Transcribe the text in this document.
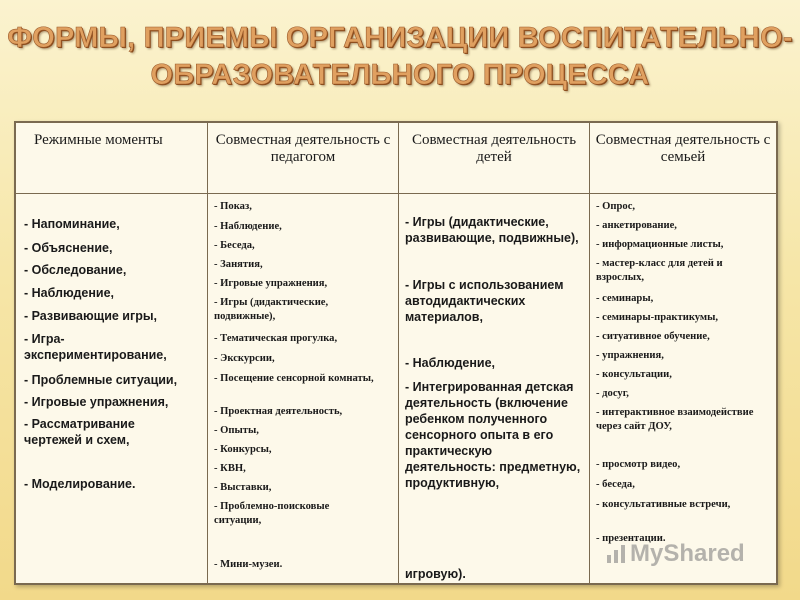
ФОРМЫ, ПРИЕМЫ ОРГАНИЗАЦИИ ВОСПИТАТЕЛЬНО-
ОБРАЗОВАТЕЛЬНОГО ПРОЦЕССА
Режимные моменты
- Напоминание,
- Объяснение,
- Обследование,
- Наблюдение,
- Развивающие игры,
- Игра-экспериментирование,
- Проблемные ситуации,
- Игровые упражнения,
- Рассматривание чертежей и схем,
- Моделирование.
Совместная деятельность с педагогом
- Показ,
- Наблюдение,
- Беседа,
- Занятия,
- Игровые упражнения,
- Игры (дидактические, подвижные),
- Тематическая прогулка,
- Экскурсии,
- Посещение сенсорной комнаты,
- Проектная деятельность,
- Опыты,
- Конкурсы,
- КВН,
- Выставки,
- Проблемно-поисковые ситуации,
- Мини-музеи.
Совместная деятельность детей
- Игры (дидактические, развивающие, подвижные),
- Игры с использованием автодидактических материалов,
- Наблюдение,
- Интегрированная детская деятельность (включение ребенком полученного сенсорного опыта в его практическую деятельность: предметную, продуктивную,
игровую).
Совместная деятельность с семьей
- Опрос,
- анкетирование,
- информационные листы,
- мастер-класс для детей и взрослых,
- семинары,
- семинары-практикумы,
- ситуативное обучение,
- упражнения,
- консультации,
- досуг,
- интерактивное взаимодействие через сайт ДОУ,
- просмотр видео,
- беседа,
- консультативные встречи,
- презентации.
MyShared
